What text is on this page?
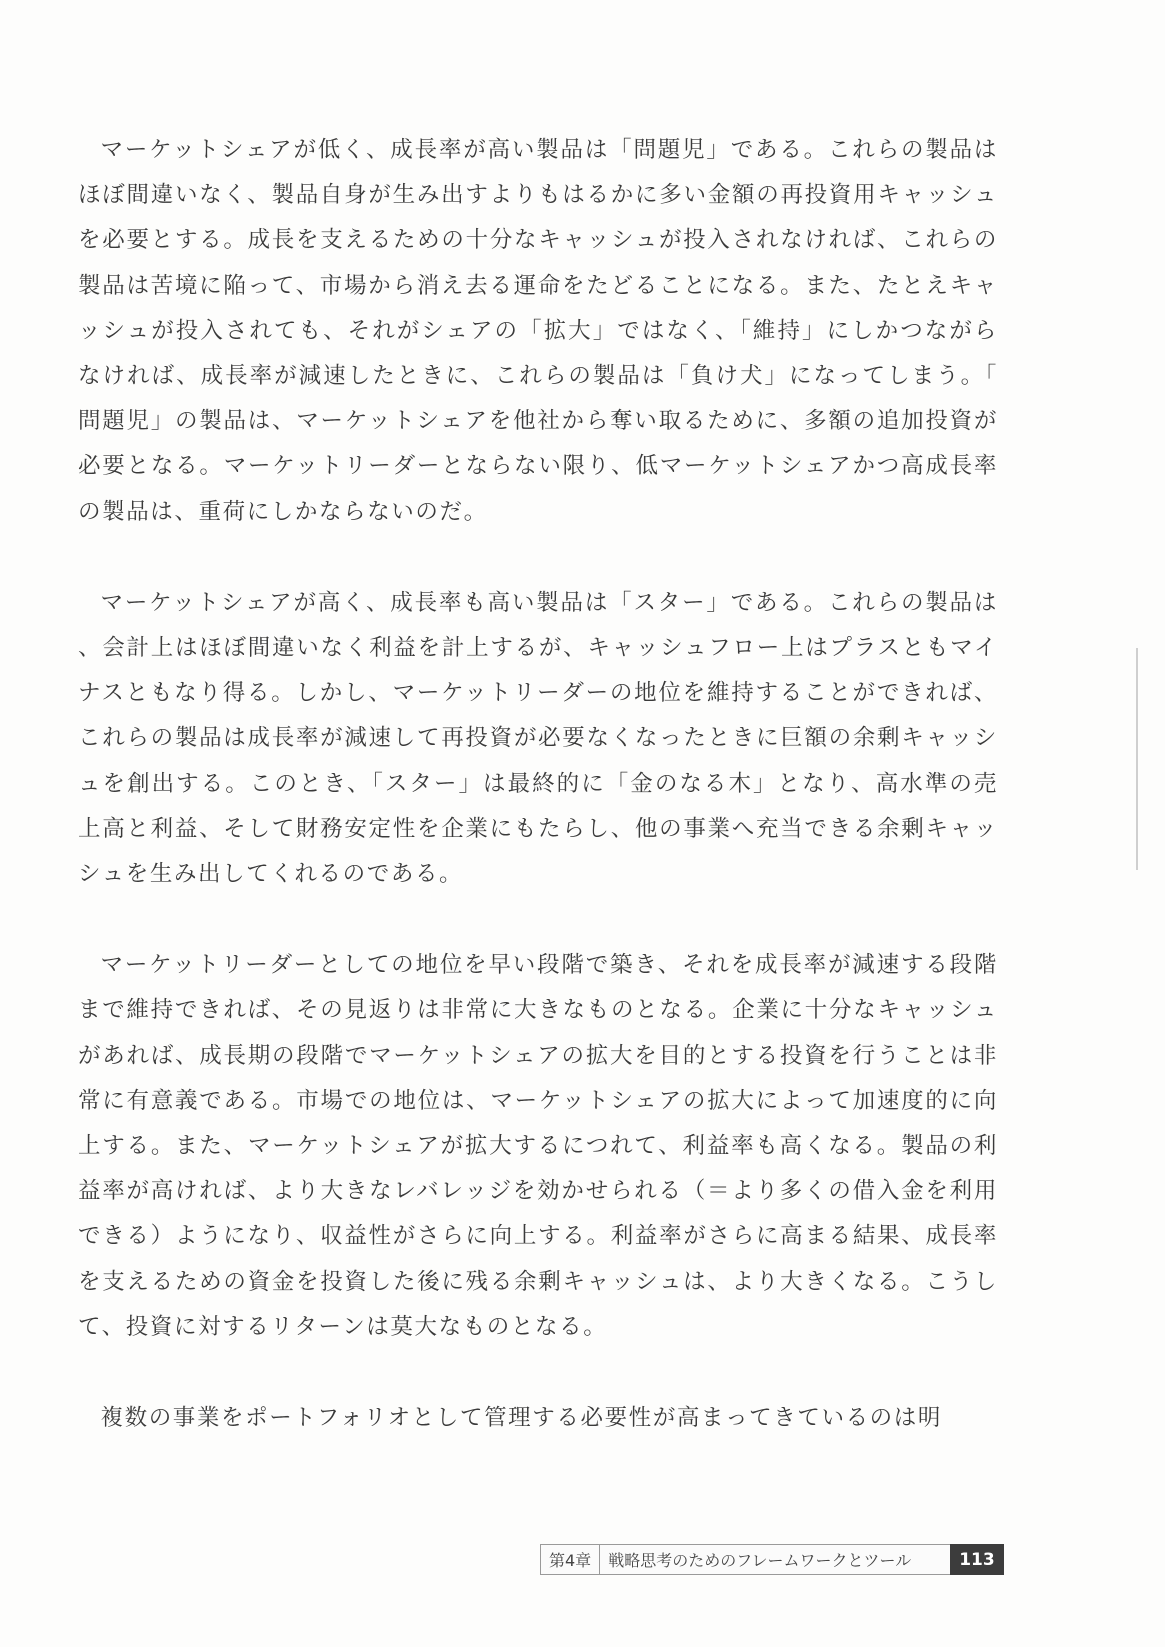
マーケットシェアが低く、成長率が高い製品は「問題児」である。これらの製品はほぼ間違いなく、製品自身が生み出すよりもはるかに多い金額の再投資用キャッシュを必要とする。成長を支えるための十分なキャッシュが投入されなければ、これらの製品は苦境に陥って、市場から消え去る運命をたどることになる。また、たとえキャッシュが投入されても、それがシェアの「拡大」ではなく、「維持」にしかつながらなければ、成長率が減速したときに、これらの製品は「負け犬」になってしまう。「問題児」の製品は、マーケットシェアを他社から奪い取るために、多額の追加投資が必要となる。マーケットリーダーとならない限り、低マーケットシェアかつ高成長率の製品は、重荷にしかならないのだ。

マーケットシェアが高く、成長率も高い製品は「スター」である。これらの製品は、会計上はほぼ間違いなく利益を計上するが、キャッシュフロー上はプラスともマイナスともなり得る。しかし、マーケットリーダーの地位を維持することができれば、これらの製品は成長率が減速して再投資が必要なくなったときに巨額の余剰キャッシュを創出する。このとき、「スター」は最終的に「金のなる木」となり、高水準の売上高と利益、そして財務安定性を企業にもたらし、他の事業へ充当できる余剰キャッシュを生み出してくれるのである。

マーケットリーダーとしての地位を早い段階で築き、それを成長率が減速する段階まで維持できれば、その見返りは非常に大きなものとなる。企業に十分なキャッシュがあれば、成長期の段階でマーケットシェアの拡大を目的とする投資を行うことは非常に有意義である。市場での地位は、マーケットシェアの拡大によって加速度的に向上する。また、マーケットシェアが拡大するにつれて、利益率も高くなる。製品の利益率が高ければ、より大きなレバレッジを効かせられる（＝より多くの借入金を利用できる）ようになり、収益性がさらに向上する。利益率がさらに高まる結果、成長率を支えるための資金を投資した後に残る余剰キャッシュは、より大きくなる。こうして、投資に対するリターンは莫大なものとなる。

複数の事業をポートフォリオとして管理する必要性が高まってきているのは明

第4章	戦略思考のためのフレームワークとツール	113
